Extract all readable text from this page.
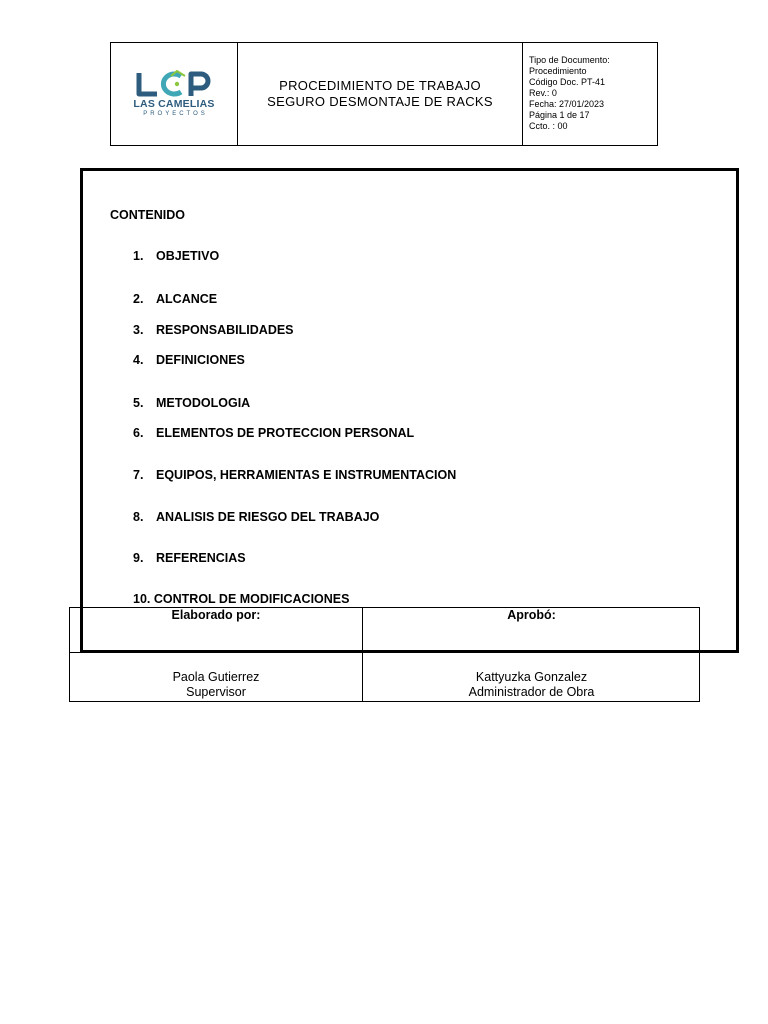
LAS CAMELIAS
PROYECTOS
PROCEDIMIENTO DE TRABAJO
SEGURO DESMONTAJE DE RACKS
Tipo de Documento:
Procedimiento
Código Doc. PT-41
Rev.: 0
Fecha: 27/01/2023
Página 1 de 17
Ccto. : 00
CONTENIDO
1. OBJETIVO
2. ALCANCE
3. RESPONSABILIDADES
4. DEFINICIONES
5. METODOLOGIA
6. ELEMENTOS DE PROTECCION PERSONAL
7. EQUIPOS, HERRAMIENTAS E INSTRUMENTACION
8. ANALISIS DE RIESGO DEL TRABAJO
9. REFERENCIAS
10. CONTROL DE MODIFICACIONES
Elaborado por:	Aprobó:
Paola Gutierrez
Supervisor
Kattyuzka Gonzalez
Administrador de Obra
